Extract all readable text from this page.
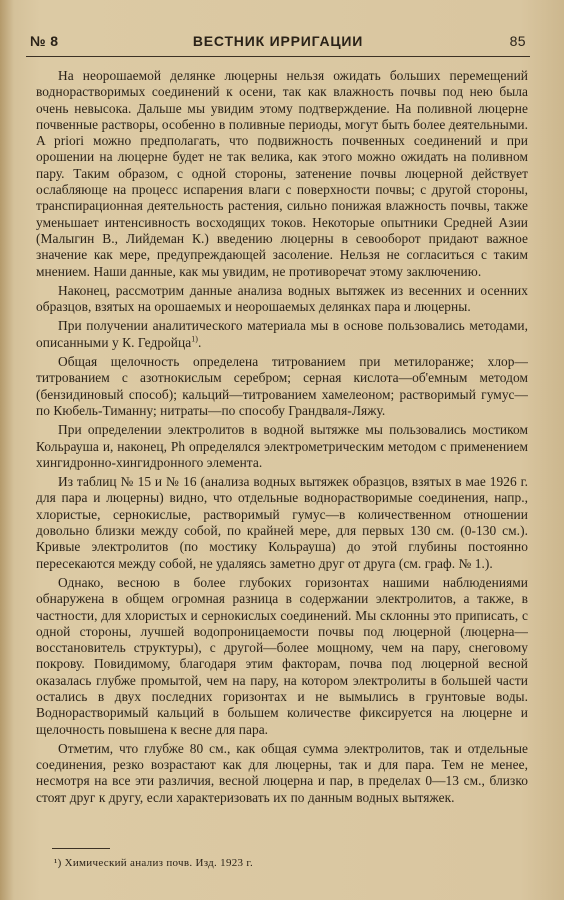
№ 8	ВЕСТНИК ИРРИГАЦИИ	85

На неорошаемой делянке люцерны нельзя ожидать больших перемещений воднорастворимых соединений к осени, так как влажность почвы под нею была очень невысока. Дальше мы увидим этому подтверждение. На поливной люцерне почвенные растворы, особенно в поливные периоды, могут быть более деятельными. A priori можно предполагать, что подвижность почвенных соединений и при орошении на люцерне будет не так велика, как этого можно ожидать на поливном пару. Таким образом, с одной стороны, затенение почвы люцерной действует ослабляюще на процесс испарения влаги с поверхности почвы; с другой стороны, транспирационная деятельность растения, сильно понижая влажность почвы, также уменьшает интенсивность восходящих токов. Некоторые опытники Средней Азии (Малыгин В., Лийдеман К.) введению люцерны в севооборот придают важное значение как мере, предупреждающей засоление. Нельзя не согласиться с таким мнением. Наши данные, как мы увидим, не противоречат этому заключению.

Наконец, рассмотрим данные анализа водных вытяжек из весенних и осенних образцов, взятых на орошаемых и неорошаемых делянках пара и люцерны.

При получении аналитического материала мы в основе пользовались методами, описанными у К. Гедройца$^{1)}$.

Общая щелочность определена титрованием при метилоранже; хлор—титрованием с азотнокислым серебром; серная кислота—об'емным методом (бензидиновый способ); кальций—титрованием хамелеоном; растворимый гумус—по Кюбель-Тиманну; нитраты—по способу Грандваля-Ляжу.

При определении электролитов в водной вытяжке мы пользовались мостиком Кольрауша и, наконец, Ph определялся электрометрическим методом с применением хингидронно-хингидронного элемента.

Из таблиц № 15 и № 16 (анализа водных вытяжек образцов, взятых в мае 1926 г. для пара и люцерны) видно, что отдельные воднорастворимые соединения, напр., хлористые, сернокислые, растворимый гумус—в количественном отношении довольно близки между собой, по крайней мере, для первых 130 см. (0-130 см.). Кривые электролитов (по мостику Кольрауша) до этой глубины постоянно пересекаются между собой, не удаляясь заметно друг от друга (см. граф. № 1.).

Однако, весною в более глубоких горизонтах нашими наблюдениями обнаружена в общем огромная разница в содержании электролитов, а также, в частности, для хлористых и сернокислых соединений. Мы склонны это приписать, с одной стороны, лучшей водопроницаемости почвы под люцерной (люцерна—восстановитель структуры), с другой—более мощному, чем на пару, снеговому покрову. Повидимому, благодаря этим факторам, почва под люцерной весной оказалась глубже промытой, чем на пару, на котором электролиты в большей части остались в двух последних горизонтах и не вымылись в грунтовые воды. Воднорастворимый кальций в большем количестве фиксируется на люцерне и щелочность повышена к весне для пара.

Отметим, что глубже 80 см., как общая сумма электролитов, так и отдельные соединения, резко возрастают как для люцерны, так и для пара. Тем не менее, несмотря на все эти различия, весной люцерна и пар, в пределах 0—13 см., близко стоят друг к другу, если характеризовать их по данным водных вытяжек.

¹) Химический анализ почв. Изд. 1923 г.
